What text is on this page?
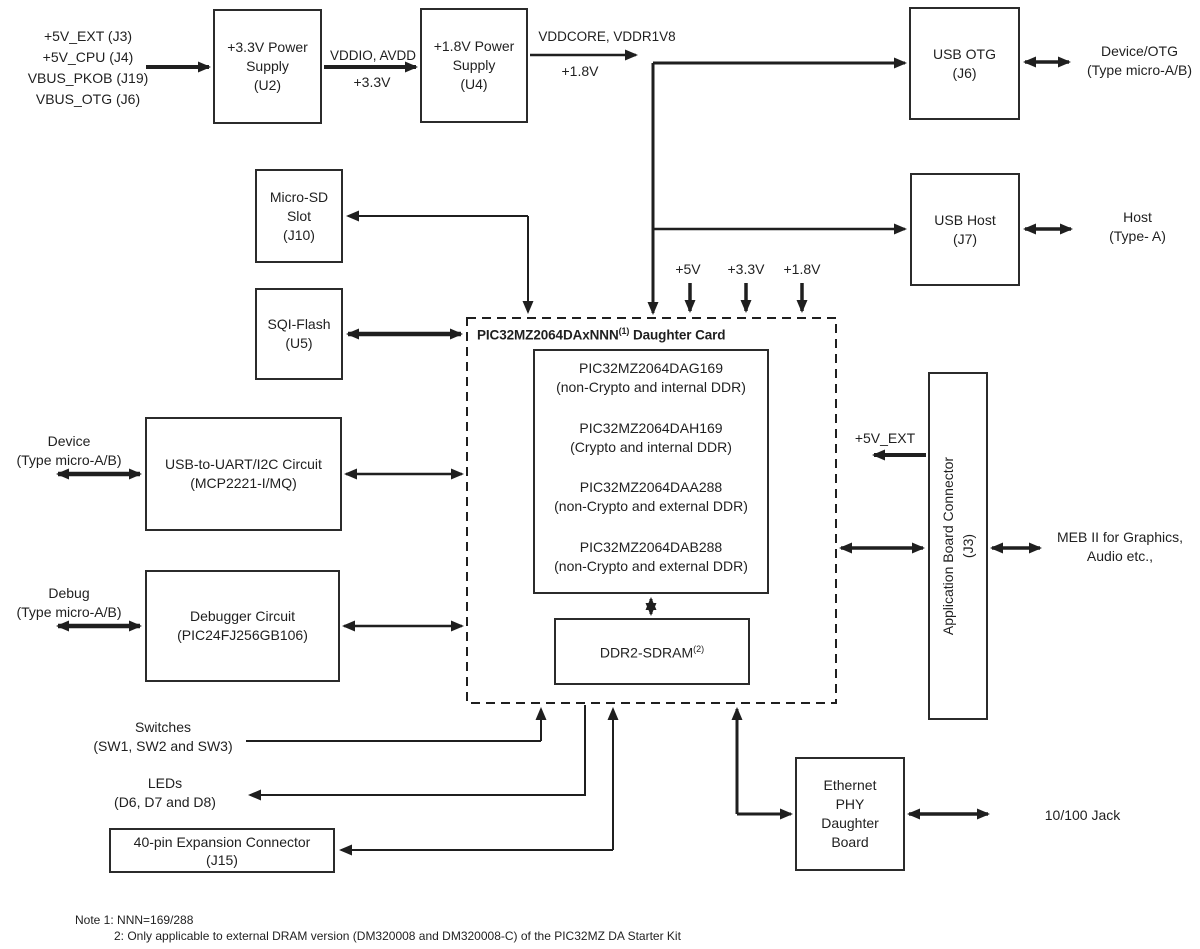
+5V_EXT (J3)
+5V_CPU (J4)
VBUS_PKOB (J19)
VBUS_OTG (J6)
+3.3V Power
Supply
(U2)
+1.8V Power
Supply
(U4)
USB OTG
(J6)
USB Host
(J7)
Micro-SD
Slot
(J10)
SQI-Flash
(U5)
USB-to-UART/I2C Circuit
(MCP2221-I/MQ)
Debugger Circuit
(PIC24FJ256GB106)
PIC32MZ2064DAxNNN$^{(1)}$ Daughter Card
PIC32MZ2064DAG169
(non-Crypto and internal DDR)
PIC32MZ2064DAH169
(Crypto and internal DDR)
PIC32MZ2064DAA288
(non-Crypto and external DDR)
PIC32MZ2064DAB288
(non-Crypto and external DDR)
DDR2-SDRAM$^{(2)}$
Application Board Connector (J3)
Ethernet
PHY
Daughter
Board
40-pin Expansion Connector
(J15)
VDDIO, AVDD
+3.3V
VDDCORE, VDDR1V8
+1.8V
Device/OTG
(Type micro-A/B)
Host
(Type- A)
+5V	+3.3V	+1.8V
Device
(Type micro-A/B)
Debug
(Type micro-A/B)
+5V_EXT
MEB II for Graphics,
Audio etc.,
Switches
(SW1, SW2 and SW3)
LEDs
(D6, D7 and D8)
10/100 Jack
Note 1: NNN=169/288
2: Only applicable to external DRAM version (DM320008 and DM320008-C) of the PIC32MZ DA Starter Kit
